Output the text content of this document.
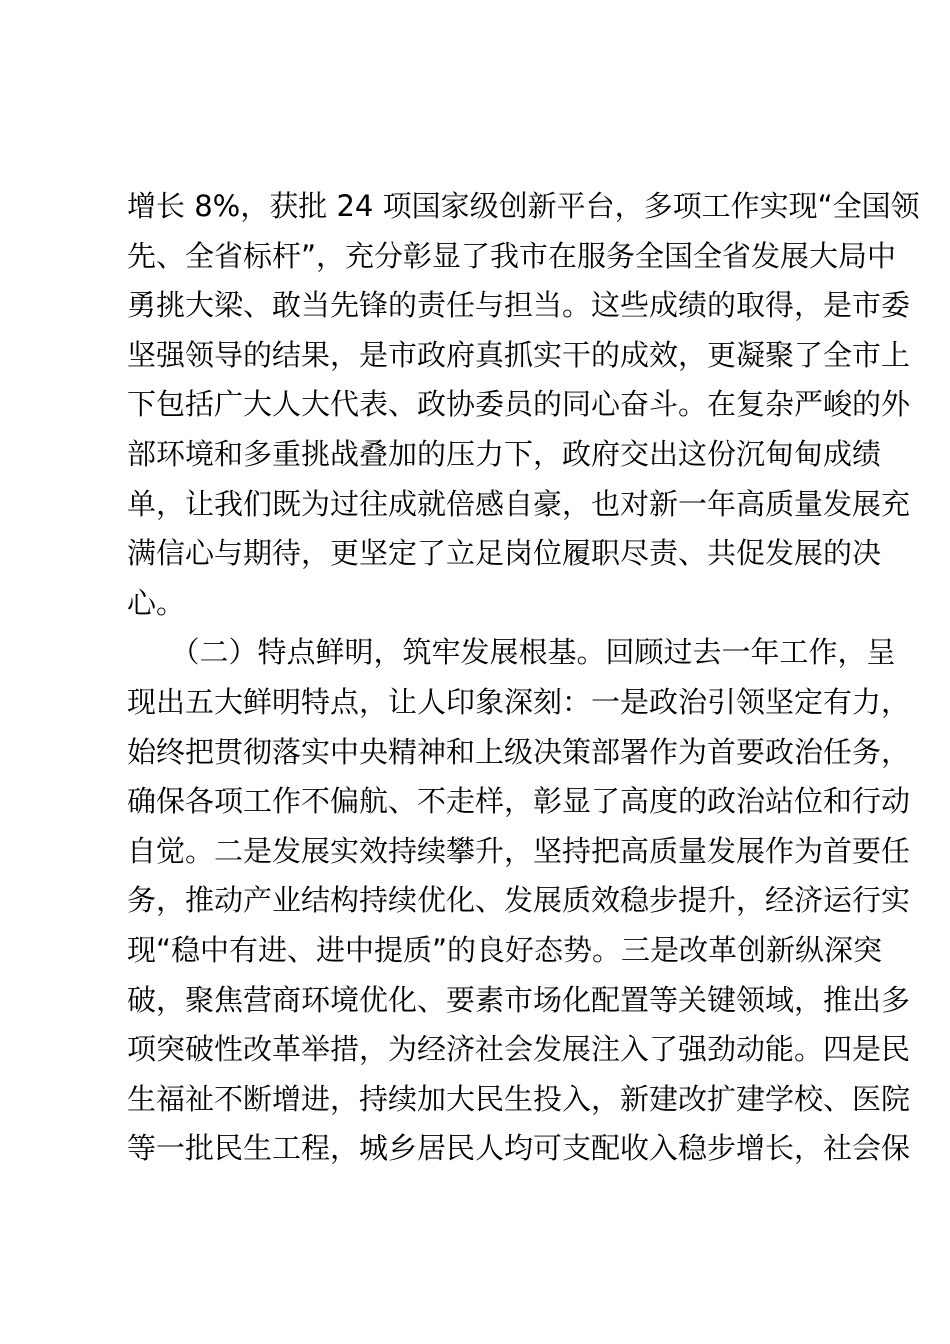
增长 8%，获批 24 项国家级创新平台，多项工作实现“全国领
先、全省标杆”，充分彰显了我市在服务全国全省发展大局中
勇挑大梁、敢当先锋的责任与担当。这些成绩的取得，是市委
坚强领导的结果，是市政府真抓实干的成效，更凝聚了全市上
下包括广大人大代表、政协委员的同心奋斗。在复杂严峻的外
部环境和多重挑战叠加的压力下，政府交出这份沉甸甸成绩
单，让我们既为过往成就倍感自豪，也对新一年高质量发展充
满信心与期待，更坚定了立足岗位履职尽责、共促发展的决
心。
　　（二）特点鲜明，筑牢发展根基。回顾过去一年工作，呈
现出五大鲜明特点，让人印象深刻：一是政治引领坚定有力，
始终把贯彻落实中央精神和上级决策部署作为首要政治任务，
确保各项工作不偏航、不走样，彰显了高度的政治站位和行动
自觉。二是发展实效持续攀升，坚持把高质量发展作为首要任
务，推动产业结构持续优化、发展质效稳步提升，经济运行实
现“稳中有进、进中提质”的良好态势。三是改革创新纵深突
破，聚焦营商环境优化、要素市场化配置等关键领域，推出多
项突破性改革举措，为经济社会发展注入了强劲动能。四是民
生福祉不断增进，持续加大民生投入，新建改扩建学校、医院
等一批民生工程，城乡居民人均可支配收入稳步增长，社会保
